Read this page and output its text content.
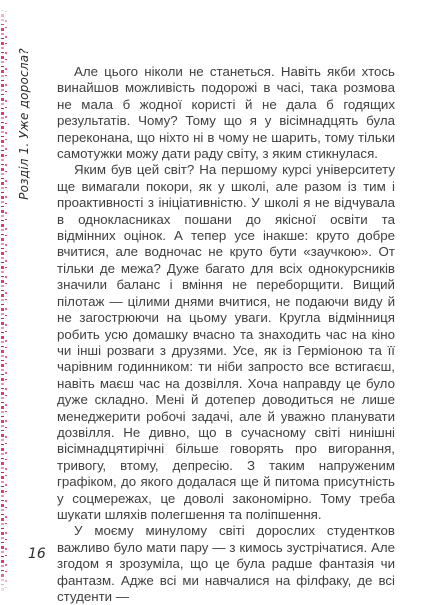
Розділ 1. Уже доросла?	Але цього ніколи не станеться. Навіть якби хтось винайшов можливість подорожі в часі, така розмова не мала б жодної користі й не дала б годящих результатів. Чому? Тому що я у вісімнадцять була переконана, що ніхто ні в чому не шарить, тому тільки самотужки можу дати раду світу, з яким стикнулася.

Яким був цей світ? На першому курсі університету ще вимагали покори, як у школі, але разом із тим і проактивності з ініціативністю. У школі я не відчувала в однокласниках пошани до якісної освіти та відмінних оцінок. А тепер усе інакше: круто добре вчитися, але водночас не круто бути «заучкою». От тільки де межа? Дуже багато для всіх однокурсників значили баланс і вміння не переборщити. Вищий пілотаж — цілими днями вчитися, не подаючи виду й не загострюючи на цьому уваги. Кругла відмінниця робить усю домашку вчасно та знаходить час на кіно чи інші розваги з друзями. Усе, як із Герміоною та її чарівним годинником: ти ніби запросто все встигаєш, навіть маєш час на дозвілля. Хоча направду це було дуже складно. Мені й дотепер доводиться не лише менеджерити робочі задачі, але й уважно планувати дозвілля. Не дивно, що в сучасному світі нинішні вісімнадцятирічні більше говорять про вигорання, тривогу, втому, депресію. З таким напруженим графіком, до якого додалася ще й питома присутність у соцмережах, це доволі закономірно. Тому треба шукати шляхів полегшення та поліпшення.

У моєму минулому світі дорослих студентков важливо було мати пару — з кимось зустрічатися. Але згодом я зрозуміла, що це була радше фантазія чи фантазм. Адже всі ми навчалися на філфаку, де всі студенти —

16
